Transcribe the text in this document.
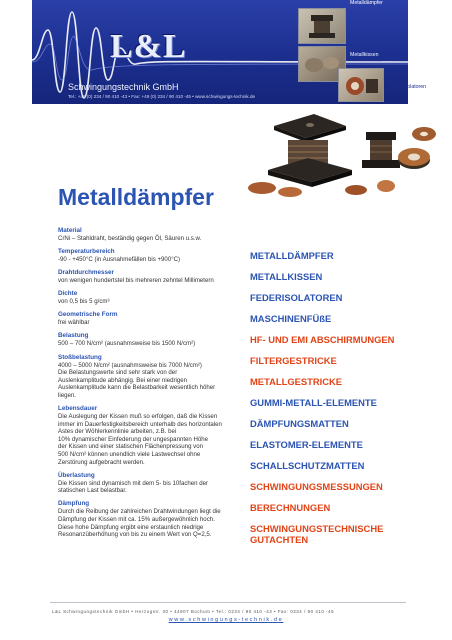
L&L
Schwingungstechnik GmbH
Tel.: +49 (0) 234 / 90 410 -43 • Fax: +49 (0) 234 / 90 410 -45 • www.schwingungs-technik.de
Metalldämpfer
Metallkissen
Federisolatoren
Metalldämpfer
Material
CrNi – Stahldraht, beständig gegen Öl, Säuren u.s.w.
Temperaturbereich
-90 - +450°C (in Ausnahmefällen bis +900°C)
Drahtdurchmesser
von wenigen hundertstel bis mehreren zehntel Millimetern
Dichte
von 0,5 bis 5 g/cm³
Geometrische Form
frei wählbar
Belastung
500 – 700 N/cm² (ausnahmsweise bis 1500 N/cm²)
Stoßbelastung
4000 – 5000 N/cm² (ausnahmsweise bis 7000 N/cm²)
Die Belastungswerte sind sehr stark von der
Auslenkamplitude abhängig. Bei einer niedrigen
Auslenkamplitude kann die Belastbarkeit wesentlich höher
liegen.
Lebensdauer
Die Auslegung der Kissen muß so erfolgen, daß die Kissen
immer im Dauerfestigkeitsbereich unterhalb des horizontalen
Astes der Wöhlerkennlinie arbeiten, z.B. bei
10% dynamischer Einfederung der ungespannten Höhe
der Kissen und einer statischen Flächenpressung von
500 N/cm² können unendlich viele Lastwechsel ohne
Zerstörung aufgebracht werden.
Überlastung
Die Kissen sind dynamisch mit dem 5- bis 10fachen der
statischen Last belastbar.
Dämpfung
Durch die Reibung der zahlreichen Drahtwindungen liegt die
Dämpfung der Kissen mit ca. 15% außergewöhnlich hoch.
Diese hohe Dämpfung ergibt eine erstaunlich niedrige
Resonanzüberhöhung von bis zu einem Wert von Q=2,5.
METALLDÄMPFER
METALLKISSEN
FEDERISOLATOREN
MASCHINENFÜßE
HF- UND EMI ABSCHIRMUNGEN
FILTERGESTRICKE
METALLGESTRICKE
GUMMI-METALL-ELEMENTE
DÄMPFUNGSMATTEN
ELASTOMER-ELEMENTE
SCHALLSCHUTZMATTEN
SCHWINGUNGSMESSUNGEN
BERECHNUNGEN
SCHWINGUNGSTECHNISCHE
GUTACHTEN
L&L Schwingungstechnik GmbH • Herzogstr. 30 • 44807 Bochum • Tel.: 0234 / 90 410 -43 • Fax: 0234 / 90 410 -45
www.schwingungs-technik.de
